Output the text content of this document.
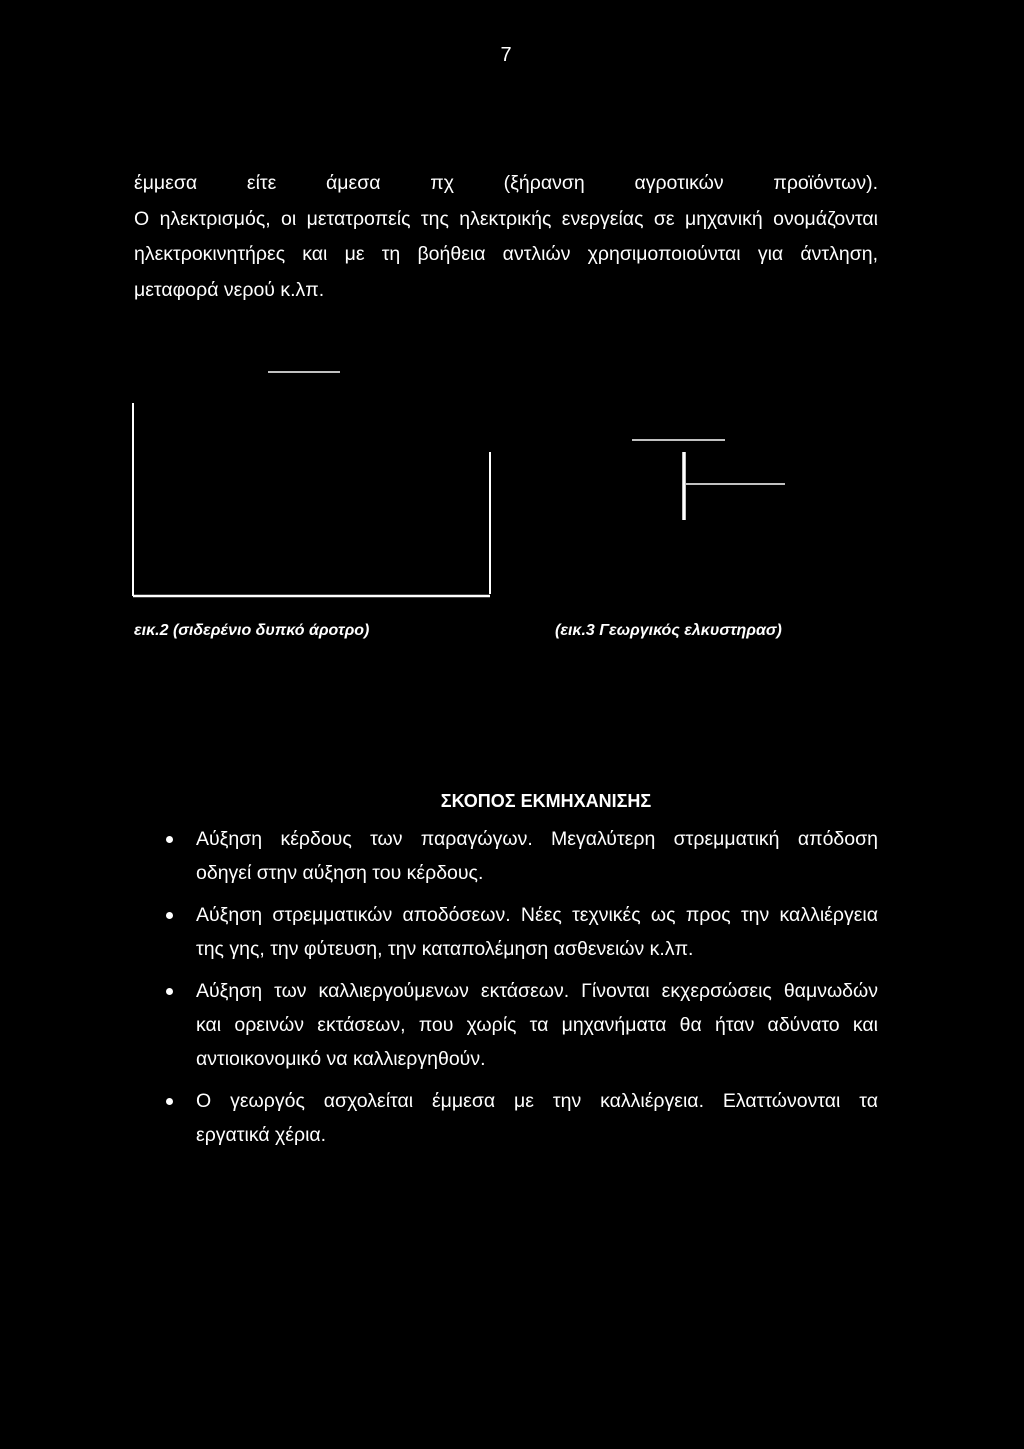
7

έμμεσα είτε άμεσα πχ (ξήρανση αγροτικών προϊόντων).

Ο ηλεκτρισμός, οι μετατροπείς της ηλεκτρικής ενεργείας σε μηχανική ονομάζονται

ηλεκτροκινητήρες και με τη βοήθεια αντλιών χρησιμοποιούνται για άντληση,

μεταφορά νερού κ.λπ.

εικ.2 (σιδερένιο δυπκό άροτρο)	(εικ.3 Γεωργικός ελκυστηρασ)
ΣΚΟΠΟΣ ΕΚΜΗΧΑΝΙΣΗΣ
Αύξηση κέρδους των παραγώγων. Μεγαλύτερη στρεμματική απόδοση
οδηγεί στην αύξηση του κέρδους.
Αύξηση στρεμματικών αποδόσεων. Νέες τεχνικές ως προς την καλλιέργεια
της γης, την φύτευση, την καταπολέμηση ασθενειών κ.λπ.
Αύξηση των καλλιεργούμενων εκτάσεων. Γίνονται εκχερσώσεις θαμνωδών
και ορεινών εκτάσεων, που χωρίς τα μηχανήματα θα ήταν αδύνατο και
αντιοικονομικό να καλλιεργηθούν.
Ο γεωργός ασχολείται έμμεσα με την καλλιέργεια. Ελαττώνονται τα
εργατικά χέρια.
